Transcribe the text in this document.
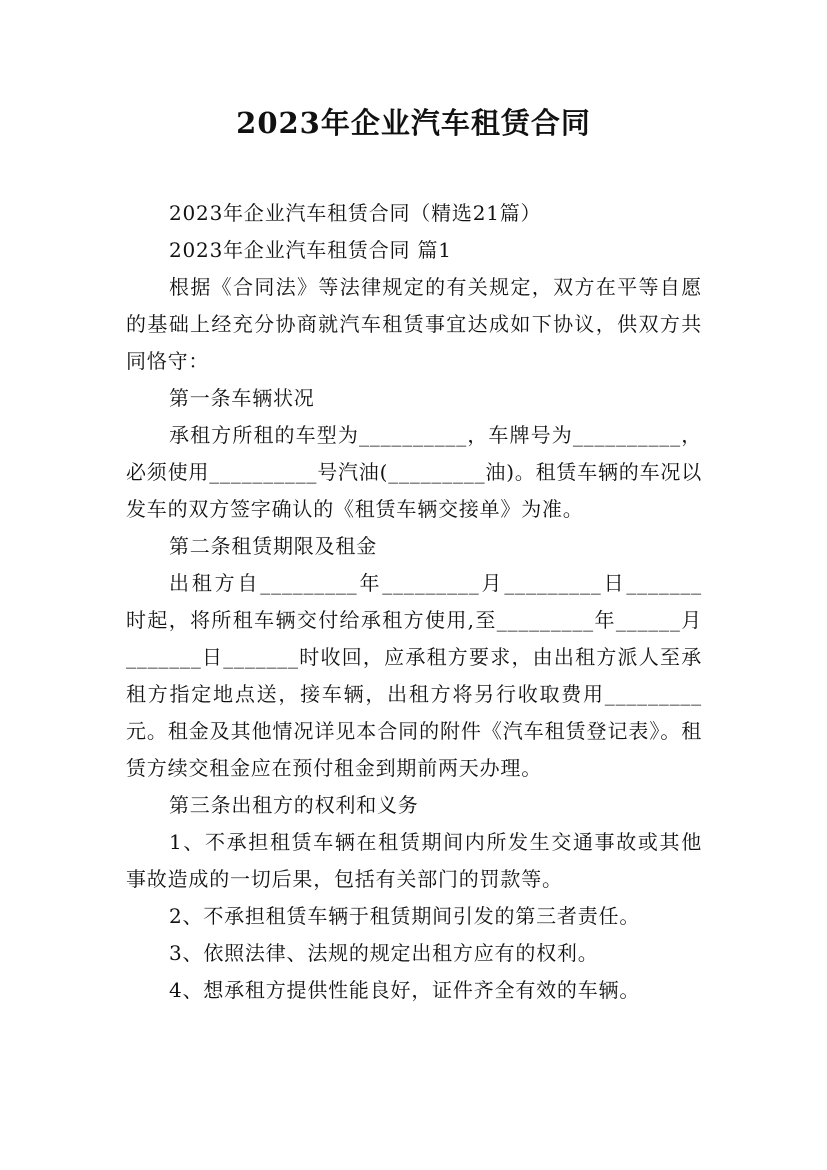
2023年企业汽车租赁合同

2023年企业汽车租赁合同（精选21篇）

2023年企业汽车租赁合同 篇1

根据《合同法》等法律规定的有关规定，双方在平等自愿的基础上经充分协商就汽车租赁事宜达成如下协议，供双方共同恪守：

第一条车辆状况

承租方所租的车型为__________，车牌号为__________，必须使用__________号汽油(_________油)。租赁车辆的车况以发车的双方签字确认的《租赁车辆交接单》为准。

第二条租赁期限及租金

出租方自_________年_________月_________日_______时起，将所租车辆交付给承租方使用,至_________年______月_______日_______时收回，应承租方要求，由出租方派人至承租方指定地点送，接车辆，出租方将另行收取费用_________元。租金及其他情况详见本合同的附件《汽车租赁登记表》。租赁方续交租金应在预付租金到期前两天办理。

第三条出租方的权利和义务

1、不承担租赁车辆在租赁期间内所发生交通事故或其他事故造成的一切后果，包括有关部门的罚款等。

2、不承担租赁车辆于租赁期间引发的第三者责任。

3、依照法律、法规的规定出租方应有的权利。

4、想承租方提供性能良好，证件齐全有效的车辆。
